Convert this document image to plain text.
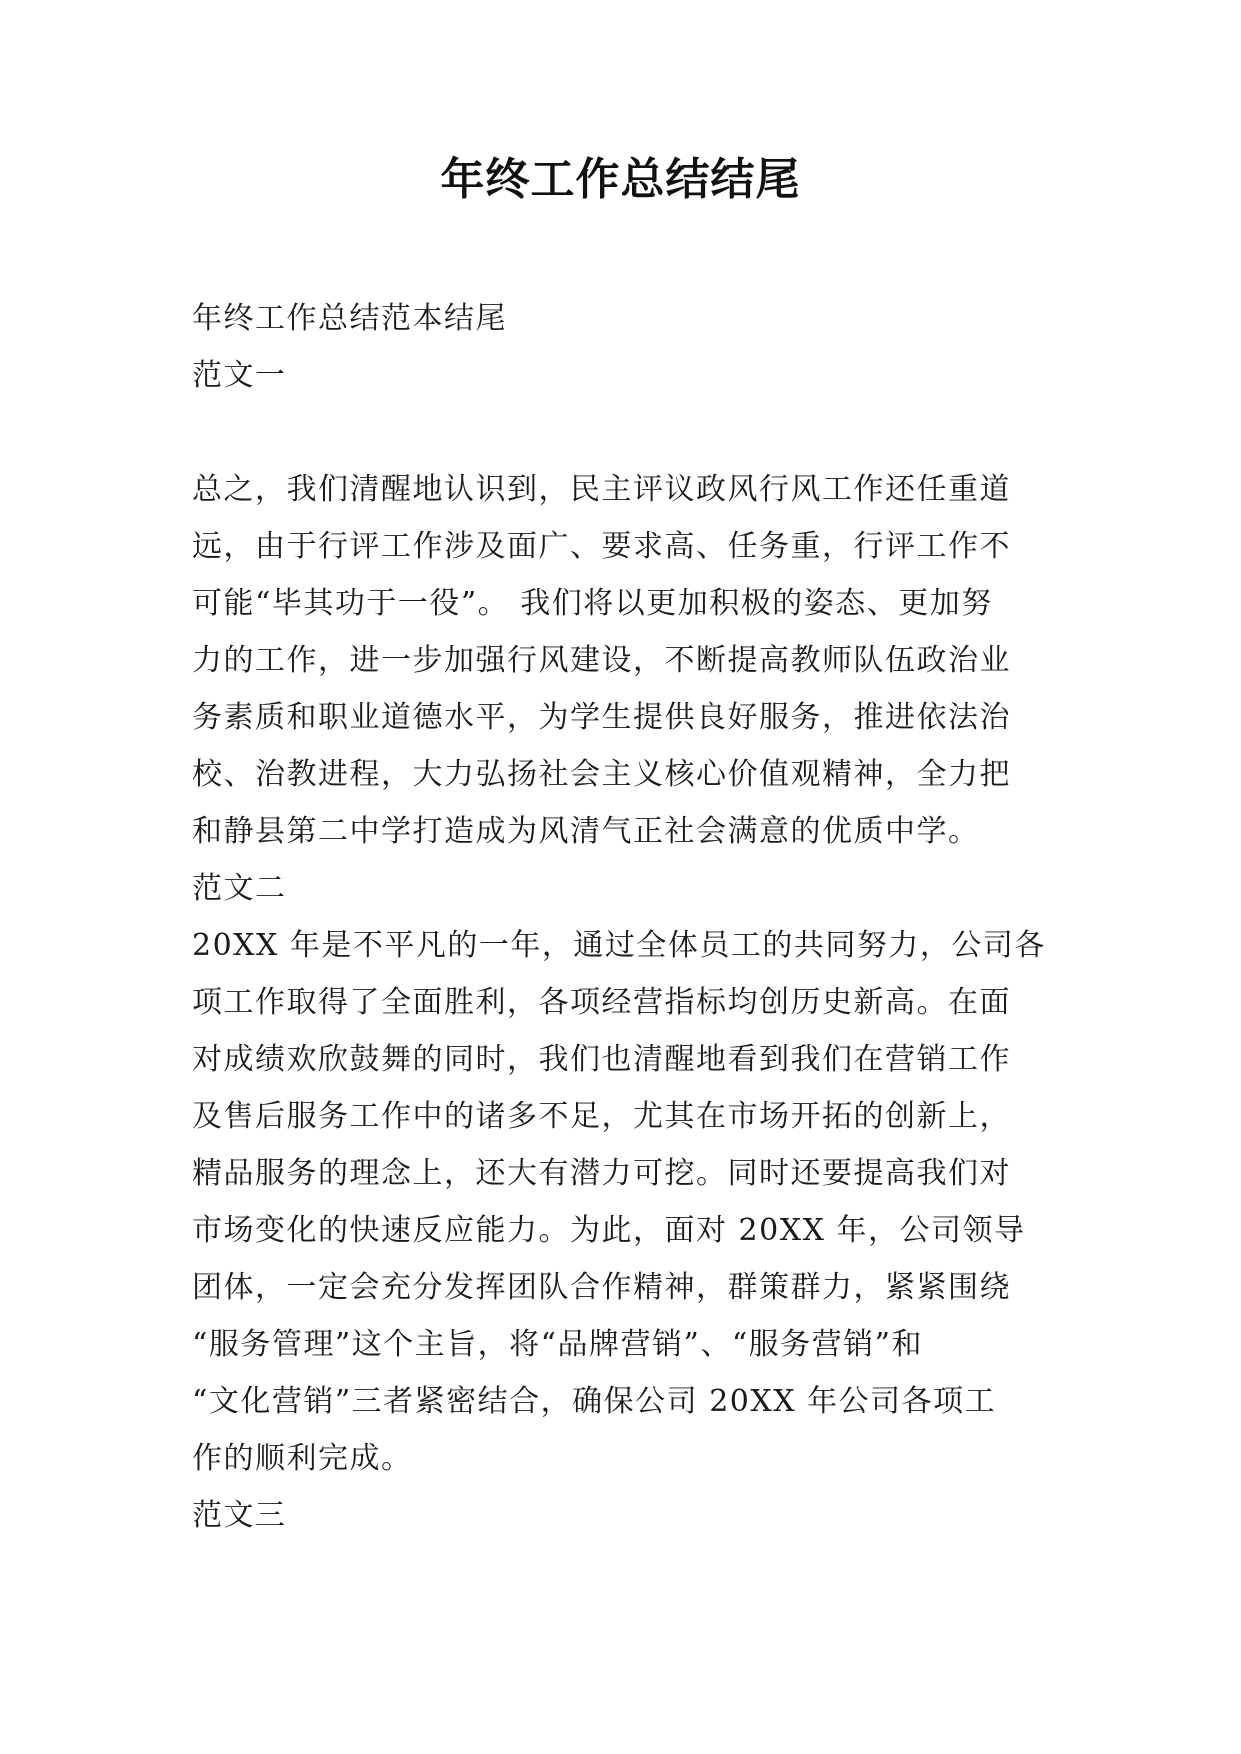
年终工作总结结尾
年终工作总结范本结尾
范文一
总之，我们清醒地认识到，民主评议政风行风工作还任重道
远，由于行评工作涉及面广、要求高、任务重，行评工作不
可能“毕其功于一役”。 我们将以更加积极的姿态、更加努
力的工作，进一步加强行风建设，不断提高教师队伍政治业
务素质和职业道德水平，为学生提供良好服务，推进依法治
校、治教进程，大力弘扬社会主义核心价值观精神，全力把
和静县第二中学打造成为风清气正社会满意的优质中学。
范文二
20XX 年是不平凡的一年，通过全体员工的共同努力，公司各
项工作取得了全面胜利，各项经营指标均创历史新高。在面
对成绩欢欣鼓舞的同时，我们也清醒地看到我们在营销工作
及售后服务工作中的诸多不足，尤其在市场开拓的创新上，
精品服务的理念上，还大有潜力可挖。同时还要提高我们对
市场变化的快速反应能力。为此，面对 20XX 年，公司领导
团体，一定会充分发挥团队合作精神，群策群力，紧紧围绕
“服务管理”这个主旨，将“品牌营销”、“服务营销”和
“文化营销”三者紧密结合，确保公司 20XX 年公司各项工
作的顺利完成。
范文三
